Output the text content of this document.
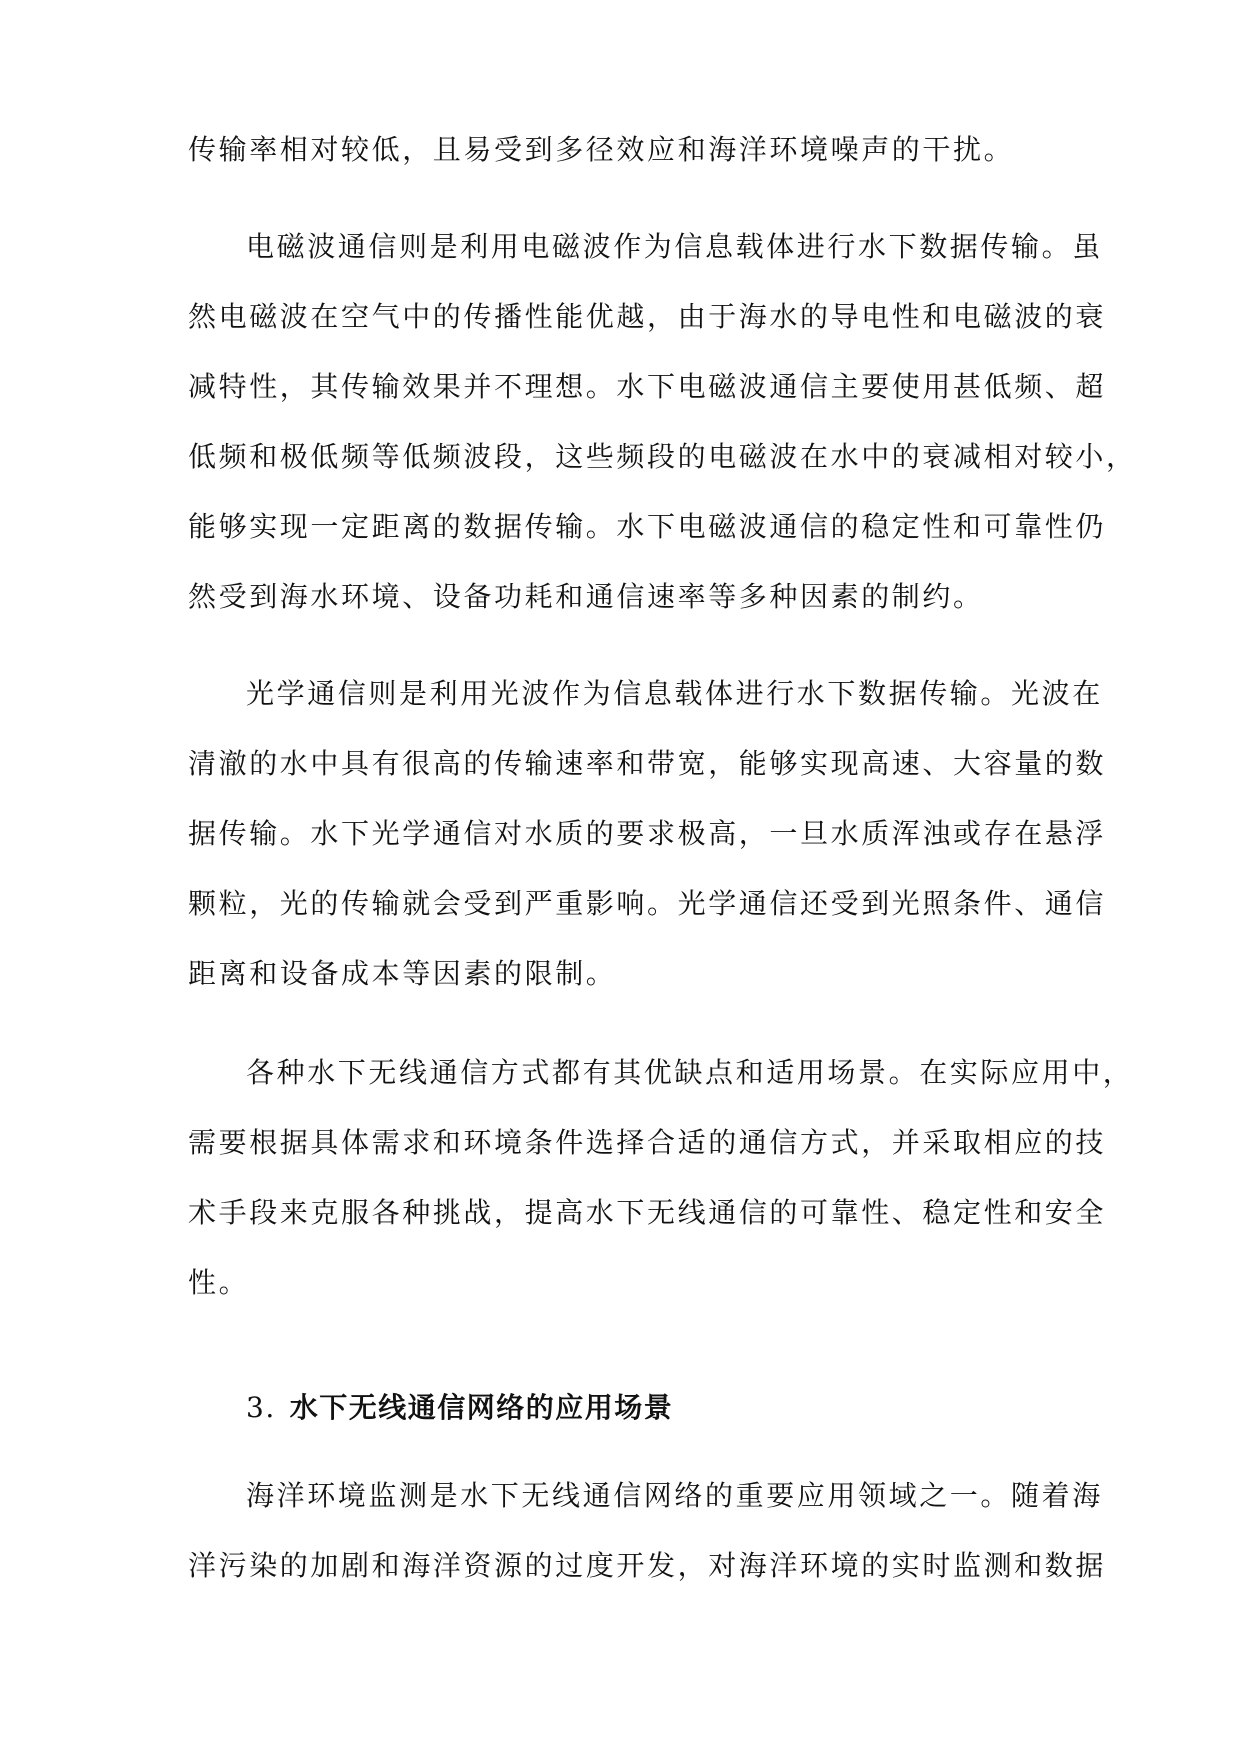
传输率相对较低，且易受到多径效应和海洋环境噪声的干扰。
电磁波通信则是利用电磁波作为信息载体进行水下数据传输。虽
然电磁波在空气中的传播性能优越，由于海水的导电性和电磁波的衰
减特性，其传输效果并不理想。水下电磁波通信主要使用甚低频、超
低频和极低频等低频波段，这些频段的电磁波在水中的衰减相对较小，
能够实现一定距离的数据传输。水下电磁波通信的稳定性和可靠性仍
然受到海水环境、设备功耗和通信速率等多种因素的制约。
光学通信则是利用光波作为信息载体进行水下数据传输。光波在
清澈的水中具有很高的传输速率和带宽，能够实现高速、大容量的数
据传输。水下光学通信对水质的要求极高，一旦水质浑浊或存在悬浮
颗粒，光的传输就会受到严重影响。光学通信还受到光照条件、通信
距离和设备成本等因素的限制。
各种水下无线通信方式都有其优缺点和适用场景。在实际应用中，
需要根据具体需求和环境条件选择合适的通信方式，并采取相应的技
术手段来克服各种挑战，提高水下无线通信的可靠性、稳定性和安全
性。
3. 水下无线通信网络的应用场景
海洋环境监测是水下无线通信网络的重要应用领域之一。随着海
洋污染的加剧和海洋资源的过度开发，对海洋环境的实时监测和数据
